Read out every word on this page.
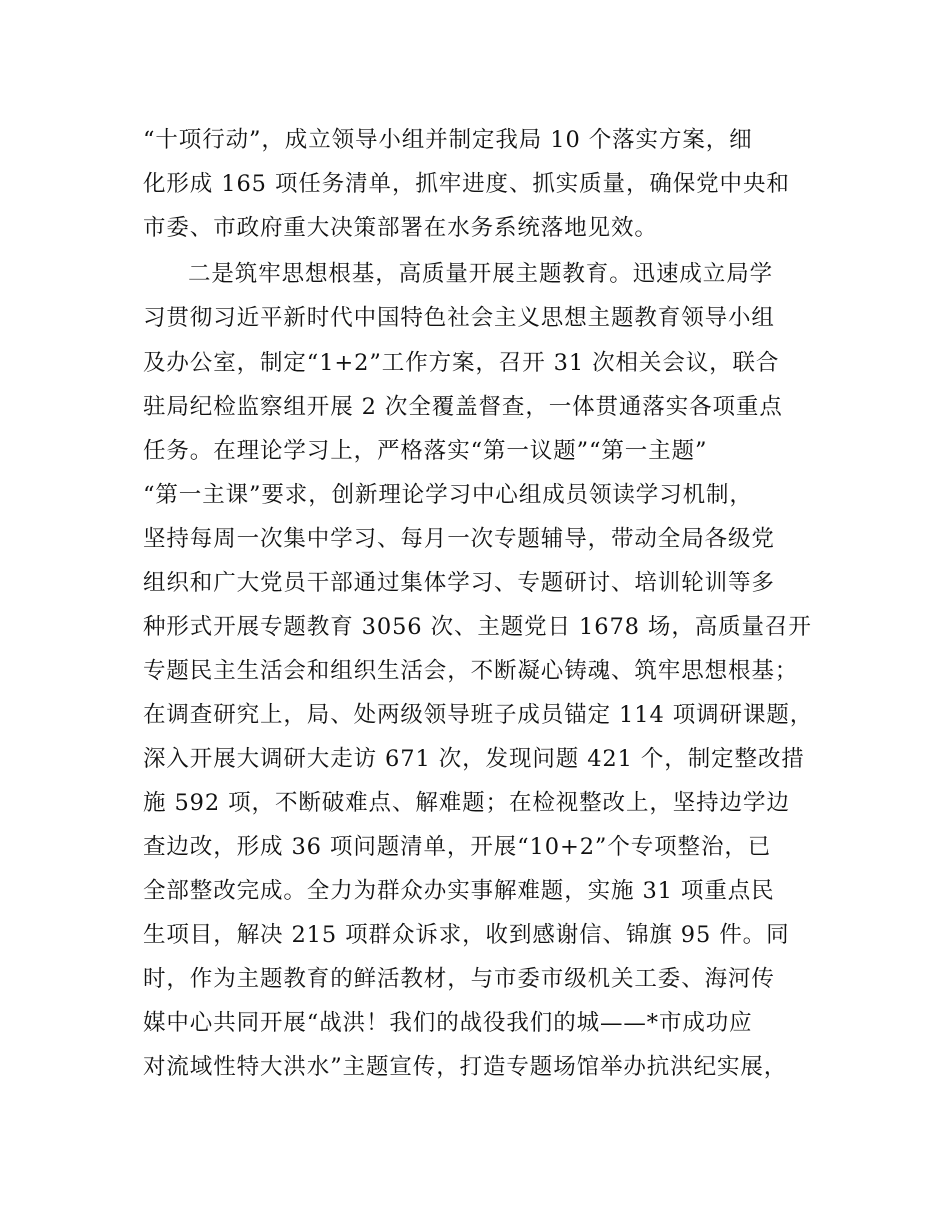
“十项行动”，成立领导小组并制定我局 10 个落实方案，细
化形成 165 项任务清单，抓牢进度、抓实质量，确保党中央和
市委、市政府重大决策部署在水务系统落地见效。
二是筑牢思想根基，高质量开展主题教育。迅速成立局学
习贯彻习近平新时代中国特色社会主义思想主题教育领导小组
及办公室，制定“1+2”工作方案，召开 31 次相关会议，联合
驻局纪检监察组开展 2 次全覆盖督查，一体贯通落实各项重点
任务。在理论学习上，严格落实“第一议题”“第一主题”
“第一主课”要求，创新理论学习中心组成员领读学习机制，
坚持每周一次集中学习、每月一次专题辅导，带动全局各级党
组织和广大党员干部通过集体学习、专题研讨、培训轮训等多
种形式开展专题教育 3056 次、主题党日 1678 场，高质量召开
专题民主生活会和组织生活会，不断凝心铸魂、筑牢思想根基；
在调查研究上，局、处两级领导班子成员锚定 114 项调研课题，
深入开展大调研大走访 671 次，发现问题 421 个，制定整改措
施 592 项，不断破难点、解难题；在检视整改上，坚持边学边
查边改，形成 36 项问题清单，开展“10+2”个专项整治，已
全部整改完成。全力为群众办实事解难题，实施 31 项重点民
生项目，解决 215 项群众诉求，收到感谢信、锦旗 95 件。同
时，作为主题教育的鲜活教材，与市委市级机关工委、海河传
媒中心共同开展“战洪！我们的战役我们的城——*市成功应
对流域性特大洪水”主题宣传，打造专题场馆举办抗洪纪实展，
